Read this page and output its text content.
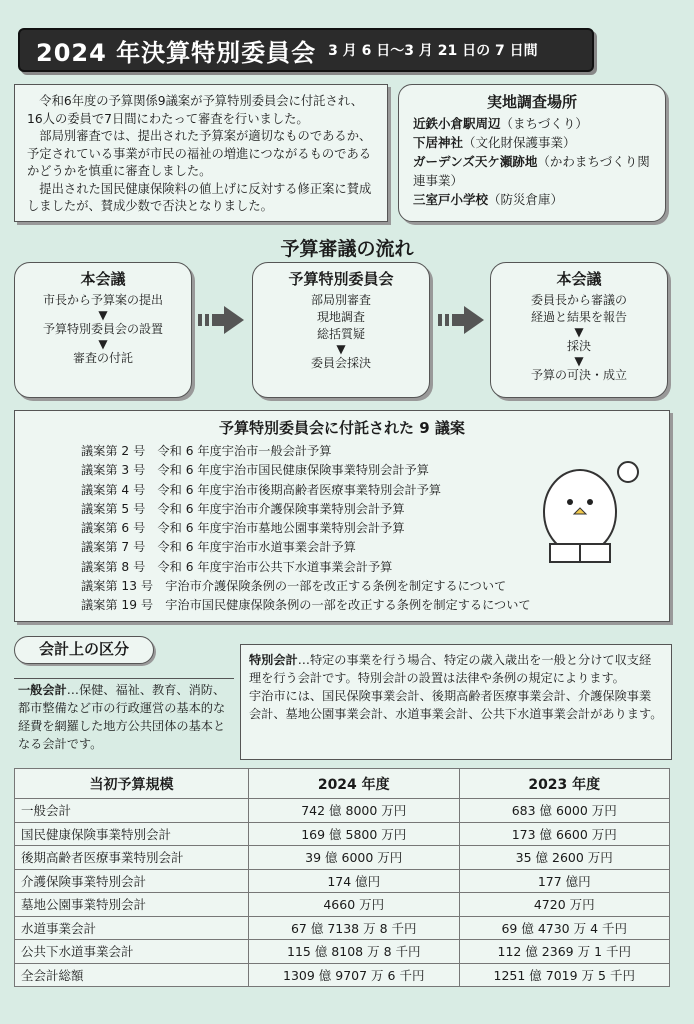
2024 年決算特別委員会 3 月 6 日～3 月 21 日の 7 日間

令和6年度の予算関係9議案が予算特別委員会に付託され、16人の委員で7日間にわたって審査を行いました。

部局別審査では、提出された予算案が適切なものであるか、予定されている事業が市民の福祉の増進につながるものであるかどうかを慎重に審査しました。

提出された国民健康保険料の値上げに反対する修正案に賛成しましたが、賛成少数で否決となりました。

実地調査場所
近鉄小倉駅周辺（まちづくり）
下居神社（文化財保護事業）
ガーデンズ天ケ瀬跡地（かわまちづくり関連事業）
三室戸小学校（防災倉庫）
予算審議の流れ
本会議
市長から予算案の提出
▼
予算特別委員会の設置
▼
審査の付託
予算特別委員会
部局別審査
現地調査
総括質疑
▼
委員会採決
本会議
委員長から審議の
経過と結果を報告
▼
採決
▼
予算の可決・成立
予算特別委員会に付託された 9 議案
議案第 2 号　令和 6 年度宇治市一般会計予算
議案第 3 号　令和 6 年度宇治市国民健康保険事業特別会計予算
議案第 4 号　令和 6 年度宇治市後期高齢者医療事業特別会計予算
議案第 5 号　令和 6 年度宇治市介護保険事業特別会計予算
議案第 6 号　令和 6 年度宇治市墓地公園事業特別会計予算
議案第 7 号　令和 6 年度宇治市水道事業会計予算
議案第 8 号　令和 6 年度宇治市公共下水道事業会計予算
議案第 13 号　宇治市介護保険条例の一部を改正する条例を制定するについて
議案第 19 号　宇治市国民健康保険条例の一部を改正する条例を制定するについて
会計上の区分
一般会計…保健、福祉、教育、消防、都市整備など市の行政運営の基本的な経費を網羅した地方公共団体の基本となる会計です。
特別会計…特定の事業を行う場合、特定の歳入歳出を一般と分けて収支経理を行う会計です。特別会計の設置は法律や条例の規定によります。
宇治市には、国民保険事業会計、後期高齢者医療事業会計、介護保険事業会計、墓地公園事業会計、水道事業会計、公共下水道事業会計があります。
当初予算規模	2024 年度	2023 年度
一般会計	742 億 8000 万円	683 億 6000 万円
国民健康保険事業特別会計	169 億 5800 万円	173 億 6600 万円
後期高齢者医療事業特別会計	39 億 6000 万円	35 億 2600 万円
介護保険事業特別会計	174 億円	177 億円
墓地公園事業特別会計	4660 万円	4720 万円
水道事業会計	67 億 7138 万 8 千円	69 億 4730 万 4 千円
公共下水道事業会計	115 億 8108 万 8 千円	112 億 2369 万 1 千円
全会計総額	1309 億 9707 万 6 千円	1251 億 7019 万 5 千円
